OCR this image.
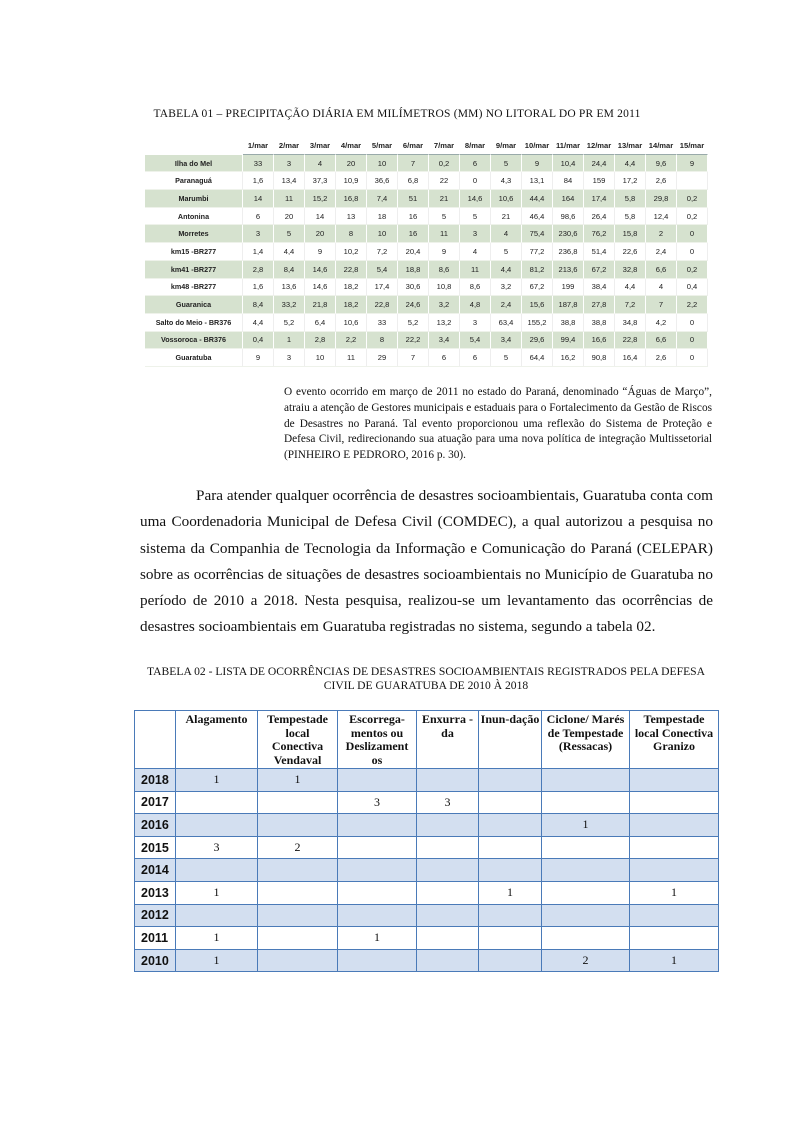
TABELA 01 – PRECIPITAÇÃO DIÁRIA EM MILÍMETROS (MM) NO LITORAL DO PR EM 2011
	1/mar	2/mar	3/mar	4/mar	5/mar	6/mar	7/mar	8/mar	9/mar	10/mar	11/mar	12/mar	13/mar	14/mar	15/mar
Ilha do Mel	33	3	4	20	10	7	0,2	6	5	9	10,4	24,4	4,4	9,6	9
Paranaguá	1,6	13,4	37,3	10,9	36,6	6,8	22	0	4,3	13,1	84	159	17,2	2,6	
Marumbi	14	11	15,2	16,8	7,4	51	21	14,6	10,6	44,4	164	17,4	5,8	29,8	0,2
Antonina	6	20	14	13	18	16	5	5	21	46,4	98,6	26,4	5,8	12,4	0,2
Morretes	3	5	20	8	10	16	11	3	4	75,4	230,6	76,2	15,8	2	0
km15 -BR277	1,4	4,4	9	10,2	7,2	20,4	9	4	5	77,2	236,8	51,4	22,6	2,4	0
km41 -BR277	2,8	8,4	14,6	22,8	5,4	18,8	8,6	11	4,4	81,2	213,6	67,2	32,8	6,6	0,2
km48 -BR277	1,6	13,6	14,6	18,2	17,4	30,6	10,8	8,6	3,2	67,2	199	38,4	4,4	4	0,4
Guaranica	8,4	33,2	21,8	18,2	22,8	24,6	3,2	4,8	2,4	15,6	187,8	27,8	7,2	7	2,2
Salto do Meio - BR376	4,4	5,2	6,4	10,6	33	5,2	13,2	3	63,4	155,2	38,8	38,8	34,8	4,2	0
Vossoroca - BR376	0,4	1	2,8	2,2	8	22,2	3,4	5,4	3,4	29,6	99,4	16,6	22,8	6,6	0
Guaratuba	9	3	10	11	29	7	6	6	5	64,4	16,2	90,8	16,4	2,6	0
O evento ocorrido em março de 2011 no estado do Paraná, denominado “Águas de Março”, atraiu a atenção de Gestores municipais e estaduais para o Fortalecimento da Gestão de Riscos de Desastres no Paraná. Tal evento proporcionou uma reflexão do Sistema de Proteção e Defesa Civil, redirecionando sua atuação para uma nova política de integração Multissetorial (PINHEIRO E PEDRORO, 2016 p. 30).
Para atender qualquer ocorrência de desastres socioambientais, Guaratuba conta com uma Coordenadoria Municipal de Defesa Civil (COMDEC), a qual autorizou a pesquisa no sistema da Companhia de Tecnologia da Informação e Comunicação do Paraná (CELEPAR) sobre as ocorrências de situações de desastres socioambientais no Município de Guaratuba no período de 2010 a 2018. Nesta pesquisa, realizou-se um levantamento das ocorrências de desastres socioambientais em Guaratuba registradas no sistema, segundo a tabela 02.
TABELA 02 - LISTA DE OCORRÊNCIAS DE DESASTRES SOCIOAMBIENTAIS REGISTRADOS PELA DEFESA CIVIL DE GUARATUBA DE 2010 À 2018
	Alagamento	Tempestade local Conectiva Vendaval	Escorrega-mentos ou Deslizament os	Enxurra -da	Inun-dação	Ciclone/ Marés de Tempestade (Ressacas)	Tempestade local Conectiva Granizo
2018	1	1					
2017			3	3			
2016						1	
2015	3	2					
2014							
2013	1				1		1
2012							
2011	1		1				
2010	1					2	1
